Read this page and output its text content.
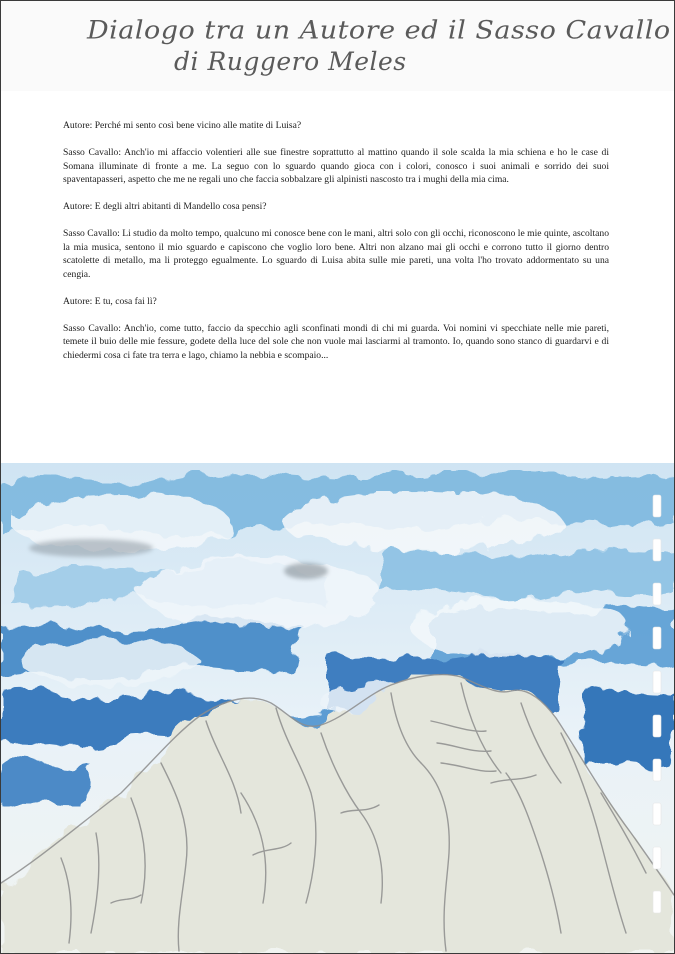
Dialogo tra un Autore ed il Sasso Cavallo
di Ruggero Meles

Autore: Perché mi sento così bene vicino alle matite di Luisa?

Sasso Cavallo: Anch'io mi affaccio volentieri alle sue finestre soprattutto al mattino quando il sole scalda la mia schiena e ho le case di Somana illuminate di fronte a me. La seguo con lo sguardo quando gioca con i colori, conosco i suoi animali e sorrido dei suoi spaventapasseri, aspetto che me ne regali uno che faccia sobbalzare gli alpinisti nascosto tra i mughi della mia cima.

Autore: E degli altri abitanti di Mandello cosa pensi?

Sasso Cavallo: Li studio da molto tempo, qualcuno mi conosce bene con le mani, altri solo con gli occhi, riconoscono le mie quinte, ascoltano la mia musica, sentono il mio sguardo e capiscono che voglio loro bene. Altri non alzano mai gli occhi e corrono tutto il giorno dentro scatolette di metallo, ma li proteggo egualmente. Lo sguardo di Luisa abita sulle mie pareti, una volta l'ho trovato addormentato su una cengia.

Autore: E tu, cosa fai lì?

Sasso Cavallo: Anch'io, come tutto, faccio da specchio agli sconfinati mondi di chi mi guarda. Voi nomini vi specchiate nelle mie pareti, temete il buio delle mie fessure, godete della luce del sole che non vuole mai lasciarmi al tramonto. Io, quando sono stanco di guardarvi e di chiedermi cosa ci fate tra terra e lago, chiamo la nebbia e scompaio...
